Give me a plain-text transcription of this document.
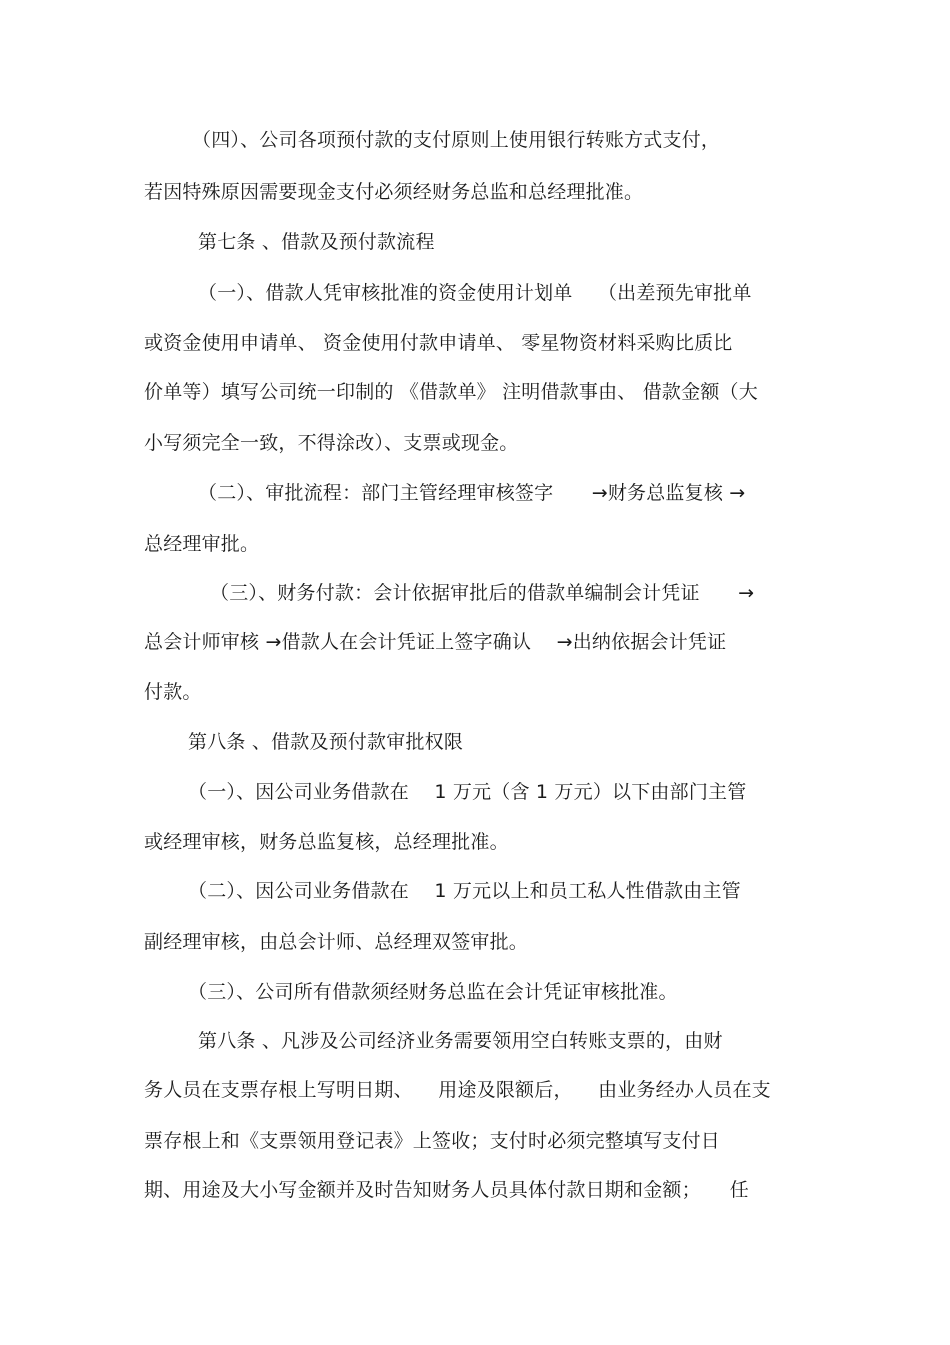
（四）、公司各项预付款的支付原则上使用银行转账方式支付，
若因特殊原因需要现金支付必须经财务总监和总经理批准。
第七条 、借款及预付款流程
（一）、借款人凭审核批准的资金使用计划单　 （出差预先审批单
或资金使用申请单、 资金使用付款申请单、 零星物资材料采购比质比
价单等）填写公司统一印制的 《借款单》 注明借款事由、 借款金额（大
小写须完全一致，不得涂改）、支票或现金。
（二）、审批流程：部门主管经理审核签字　　→财务总监复核 →
总经理审批。
（三）、财务付款：会计依据审批后的借款单编制会计凭证　　→
总会计师审核 →借款人在会计凭证上签字确认　 →出纳依据会计凭证
付款。
第八条 、借款及预付款审批权限
（一）、因公司业务借款在 　1 万元（含 1 万元）以下由部门主管
或经理审核，财务总监复核，总经理批准。
（二）、因公司业务借款在 　1 万元以上和员工私人性借款由主管
副经理审核，由总会计师、总经理双签审批。
（三）、公司所有借款须经财务总监在会计凭证审核批准。
第八条 、凡涉及公司经济业务需要领用空白转账支票的，由财
务人员在支票存根上写明日期、 　用途及限额后， 　由业务经办人员在支
票存根上和《支票领用登记表》上签收；支付时必须完整填写支付日
期、用途及大小写金额并及时告知财务人员具体付款日期和金额；　　任
